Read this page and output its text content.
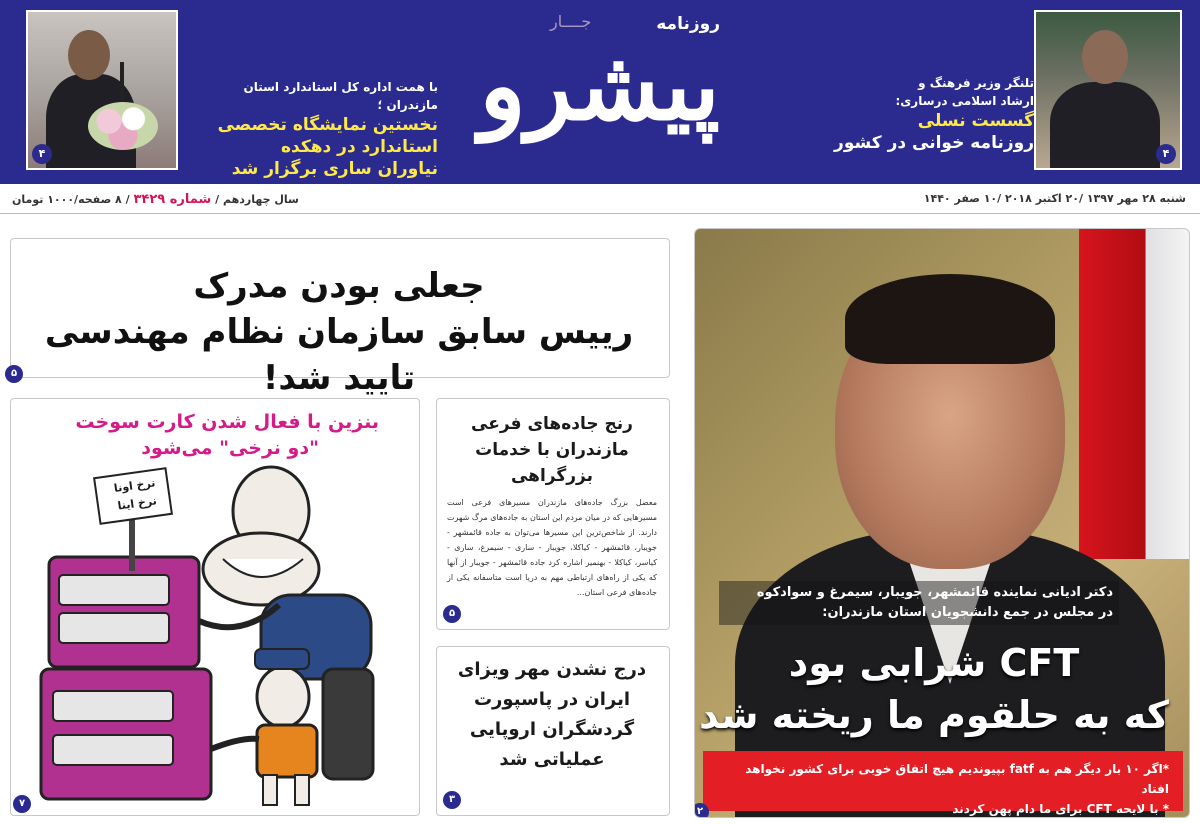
۴
با همت اداره کل استاندارد استان مازندران ؛
نخستین نمایشگاه تخصصی
استاندارد در دهکده
نیاوران ساری برگزار شد
جــــار	روزنامه
پیشرو	تلنگر وزیر فرهنگ و
ارشاد اسلامی درساری:
گسست نسلی
روزنامه خوانی در کشور
۴
شنبه ۲۸ مهر ۱۳۹۷ /۲۰ اکتبر ۲۰۱۸ /۱۰ صفر ۱۴۴۰
سال چهاردهم / شماره ۳۴۲۹ / ۸ صفحه/۱۰۰۰ تومان
جعلی بودن مدرک
رییس سابق سازمان نظام مهندسی تایید شد!
۵
بنزین با فعال شدن کارت سوخت
"دو نرخی" می‌شود
نرخ اونا
نرخ اینا
۷
رنج جاده‌های فرعی مازندران با خدمات بزرگراهی
معضل بزرگ جاده‌های مازندران مسیرهای فرعی است مسیرهایی که در میان مردم این استان به جاده‌های مرگ شهرت دارند. از شاخص‌ترین این مسیرها می‌توان به جاده قائمشهر - جویبار، قائمشهر - کیاکلا، جویبار - ساری - سیمرغ، ساری - کیاسر، کیاکلا - بهنمیر اشاره کرد جاده قائمشهر - جویبار از آنها که یکی از راه‌های ارتباطی مهم به دریا است متاسفانه یکی از جاده‌های فرعی استان...
۵
درج نشدن مهر ویزای ایران در پاسپورت گردشگران اروپایی عملیاتی شد
۳
دکتر ادیانی نماینده قائمشهر، جویبار، سیمرغ و سوادکوه
در مجلس در جمع دانشجویان استان مازندران:
CFT شرابی بود
که به حلقوم ما ریخته شد
*اگر ۱۰ بار دیگر هم به fatf بپیوندیم هیچ اتفاق خوبی برای کشور نخواهد افتاد
* با لایحه CFT برای ما دام پهن کردند
۲
